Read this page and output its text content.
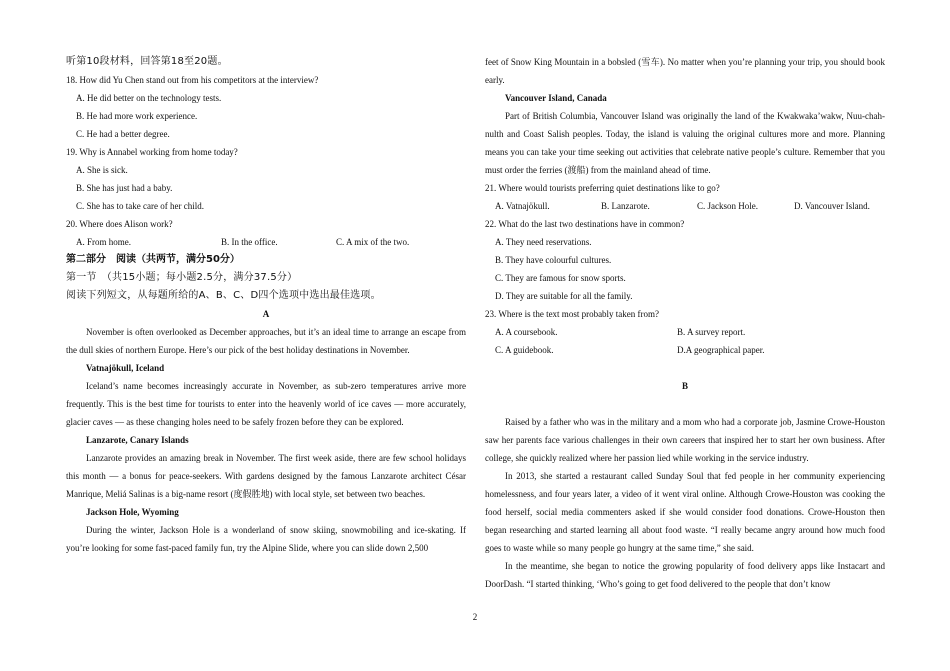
听第10段材料，回答第18至20题。
18. How did Yu Chen stand out from his competitors at the interview?
A. He did better on the technology tests.
B. He had more work experience.
C. He had a better degree.
19. Why is Annabel working from home today?
A. She is sick.
B. She has just had a baby.
C. She has to take care of her child.
20. Where does Alison work?
A. From home.	B. In the office.	C. A mix of the two.
第二部分　阅读（共两节，满分50分）
第一节　（共15小题；每小题2.5分，满分37.5分）
阅读下列短文，从每题所给的A、B、C、D四个选项中选出最佳选项。
A

November is often overlooked as December approaches, but it’s an ideal time to arrange an escape from the dull skies of northern Europe. Here’s our pick of the best holiday destinations in November.

Vatnajökull, Iceland

Iceland’s name becomes increasingly accurate in November, as sub-zero temperatures arrive more frequently. This is the best time for tourists to enter into the heavenly world of ice caves — more accurately, glacier caves — as these changing holes need to be safely frozen before they can be explored.

Lanzarote, Canary Islands

Lanzarote provides an amazing break in November. The first week aside, there are few school holidays this month — a bonus for peace-seekers. With gardens designed by the famous Lanzarote architect César Manrique, Meliá Salinas is a big-name resort (度假胜地) with local style, set between two beaches.

Jackson Hole, Wyoming

During the winter, Jackson Hole is a wonderland of snow skiing, snowmobiling and ice-skating. If you’re looking for some fast-paced family fun, try the Alpine Slide, where you can slide down 2,500

feet of Snow King Mountain in a bobsled (雪车). No matter when you’re planning your trip, you should book early.

Vancouver Island, Canada

Part of British Columbia, Vancouver Island was originally the land of the Kwakwaka’wakw, Nuu-chah-nulth and Coast Salish peoples. Today, the island is valuing the original cultures more and more. Planning means you can take your time seeking out activities that celebrate native people’s culture. Remember that you must order the ferries (渡船) from the mainland ahead of time.

21. Where would tourists preferring quiet destinations like to go?
A. Vatnajökull.	B. Lanzarote.	C. Jackson Hole.	D. Vancouver Island.
22. What do the last two destinations have in common?
A. They need reservations.
B. They have colourful cultures.
C. They are famous for snow sports.
D. They are suitable for all the family.
23. Where is the text most probably taken from?
A. A coursebook.	B. A survey report.
C. A guidebook.	D.A geographical paper.
B

Raised by a father who was in the military and a mom who had a corporate job, Jasmine Crowe-Houston saw her parents face various challenges in their own careers that inspired her to start her own business. After college, she quickly realized where her passion lied while working in the service industry.

In 2013, she started a restaurant called Sunday Soul that fed people in her community experiencing homelessness, and four years later, a video of it went viral online. Although Crowe-Houston was cooking the food herself, social media commenters asked if she would consider food donations. Crowe-Houston then began researching and started learning all about food waste. “I really became angry around how much food goes to waste while so many people go hungry at the same time,” she said.

In the meantime, she began to notice the growing popularity of food delivery apps like Instacart and DoorDash. “I started thinking, ‘Who’s going to get food delivered to the people that don’t know

2
